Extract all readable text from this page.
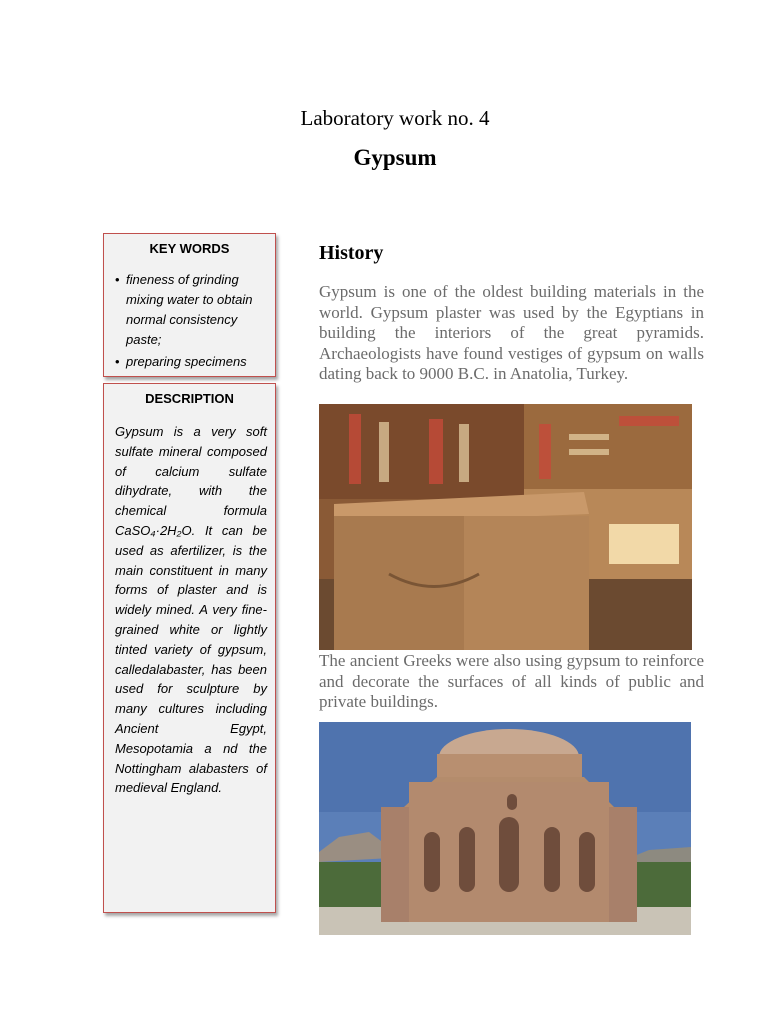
Laboratory work no. 4
Gypsum
KEY WORDS
• fineness of grinding mixing water to obtain normal consistency paste;
• preparing specimens
DESCRIPTION
Gypsum is a very soft sulfate mineral composed of calcium sulfate dihydrate, with the chemical formula CaSO₄·2H₂O. It can be used as afertilizer, is the main constituent in many forms of plaster and is widely mined. A very fine-grained white or lightly tinted variety of gypsum, calledalabaster, has been used for sculpture by many cultures including Ancient Egypt, Mesopotamia a nd the Nottingham alabasters of medieval England.
History
Gypsum is one of the oldest building materials in the world. Gypsum plaster was used by the Egyptians in building the interiors of the great pyramids. Archaeologists have found vestiges of gypsum on walls dating back to 9000 B.C. in Anatolia, Turkey.
The ancient Greeks were also using gypsum to reinforce and decorate the surfaces of all kinds of public and private buildings.
